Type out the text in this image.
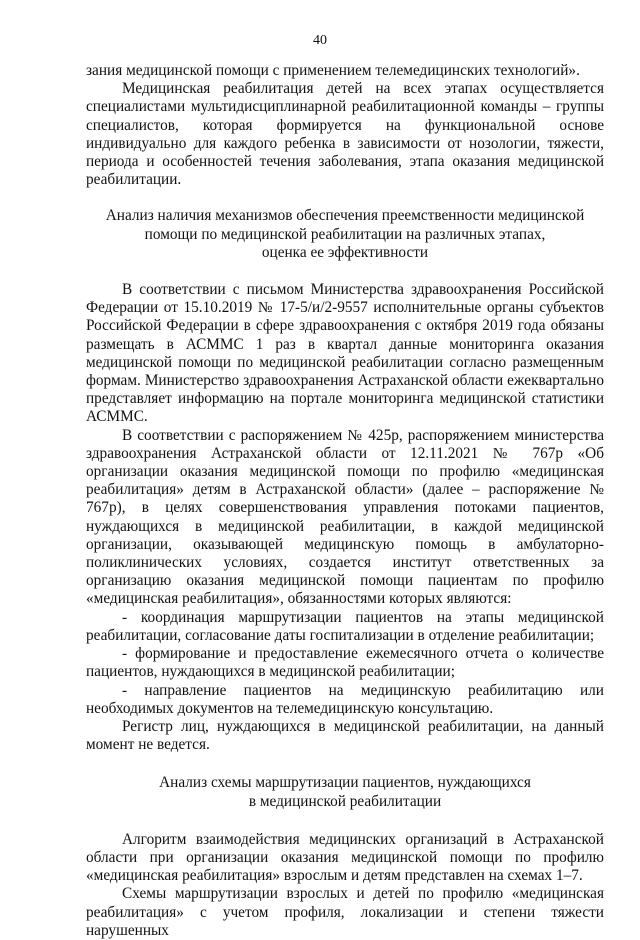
40

зания медицинской помощи с применением телемедицинских технологий».

Медицинская реабилитация детей на всех этапах осуществляется специалистами мультидисциплинарной реабилитационной команды – группы специалистов, которая формируется на функциональной основе индивидуально для каждого ребенка в зависимости от нозологии, тяжести, периода и особенностей течения заболевания, этапа оказания медицинской реабилитации.

Анализ наличия механизмов обеспечения преемственности медицинской
помощи по медицинской реабилитации на различных этапах,
оценка ее эффективности

В соответствии с письмом Министерства здравоохранения Российской Федерации от 15.10.2019 № 17-5/и/2-9557 исполнительные органы субъектов Российской Федерации в сфере здравоохранения с октября 2019 года обязаны размещать в АСММС 1 раз в квартал данные мониторинга оказания медицинской помощи по медицинской реабилитации согласно размещенным формам. Министерство здравоохранения Астраханской области ежеквартально представляет информацию на портале мониторинга медицинской статистики АСММС.

В соответствии с распоряжением № 425р, распоряжением министерства здравоохранения Астраханской области от 12.11.2021 № 767р «Об организации оказания медицинской помощи по профилю «медицинская реабилитация» детям в Астраханской области» (далее – распоряжение № 767р), в целях совершенствования управления потоками пациентов, нуждающихся в медицинской реабилитации, в каждой медицинской организации, оказывающей медицинскую помощь в амбулаторно-поликлинических условиях, создается институт ответственных за организацию оказания медицинской помощи пациентам по профилю «медицинская реабилитация», обязанностями которых являются:

- координация маршрутизации пациентов на этапы медицинской реабилитации, согласование даты госпитализации в отделение реабилитации;

- формирование и предоставление ежемесячного отчета о количестве пациентов, нуждающихся в медицинской реабилитации;

- направление пациентов на медицинскую реабилитацию или необходимых документов на телемедицинскую консультацию.

Регистр лиц, нуждающихся в медицинской реабилитации, на данный момент не ведется.

Анализ схемы маршрутизации пациентов, нуждающихся
в медицинской реабилитации

Алгоритм взаимодействия медицинских организаций в Астраханской области при организации оказания медицинской помощи по профилю «медицинская реабилитация» взрослым и детям представлен на схемах 1–7.

Схемы маршрутизации взрослых и детей по профилю «медицинская реабилитация» с учетом профиля, локализации и степени тяжести нарушенных
